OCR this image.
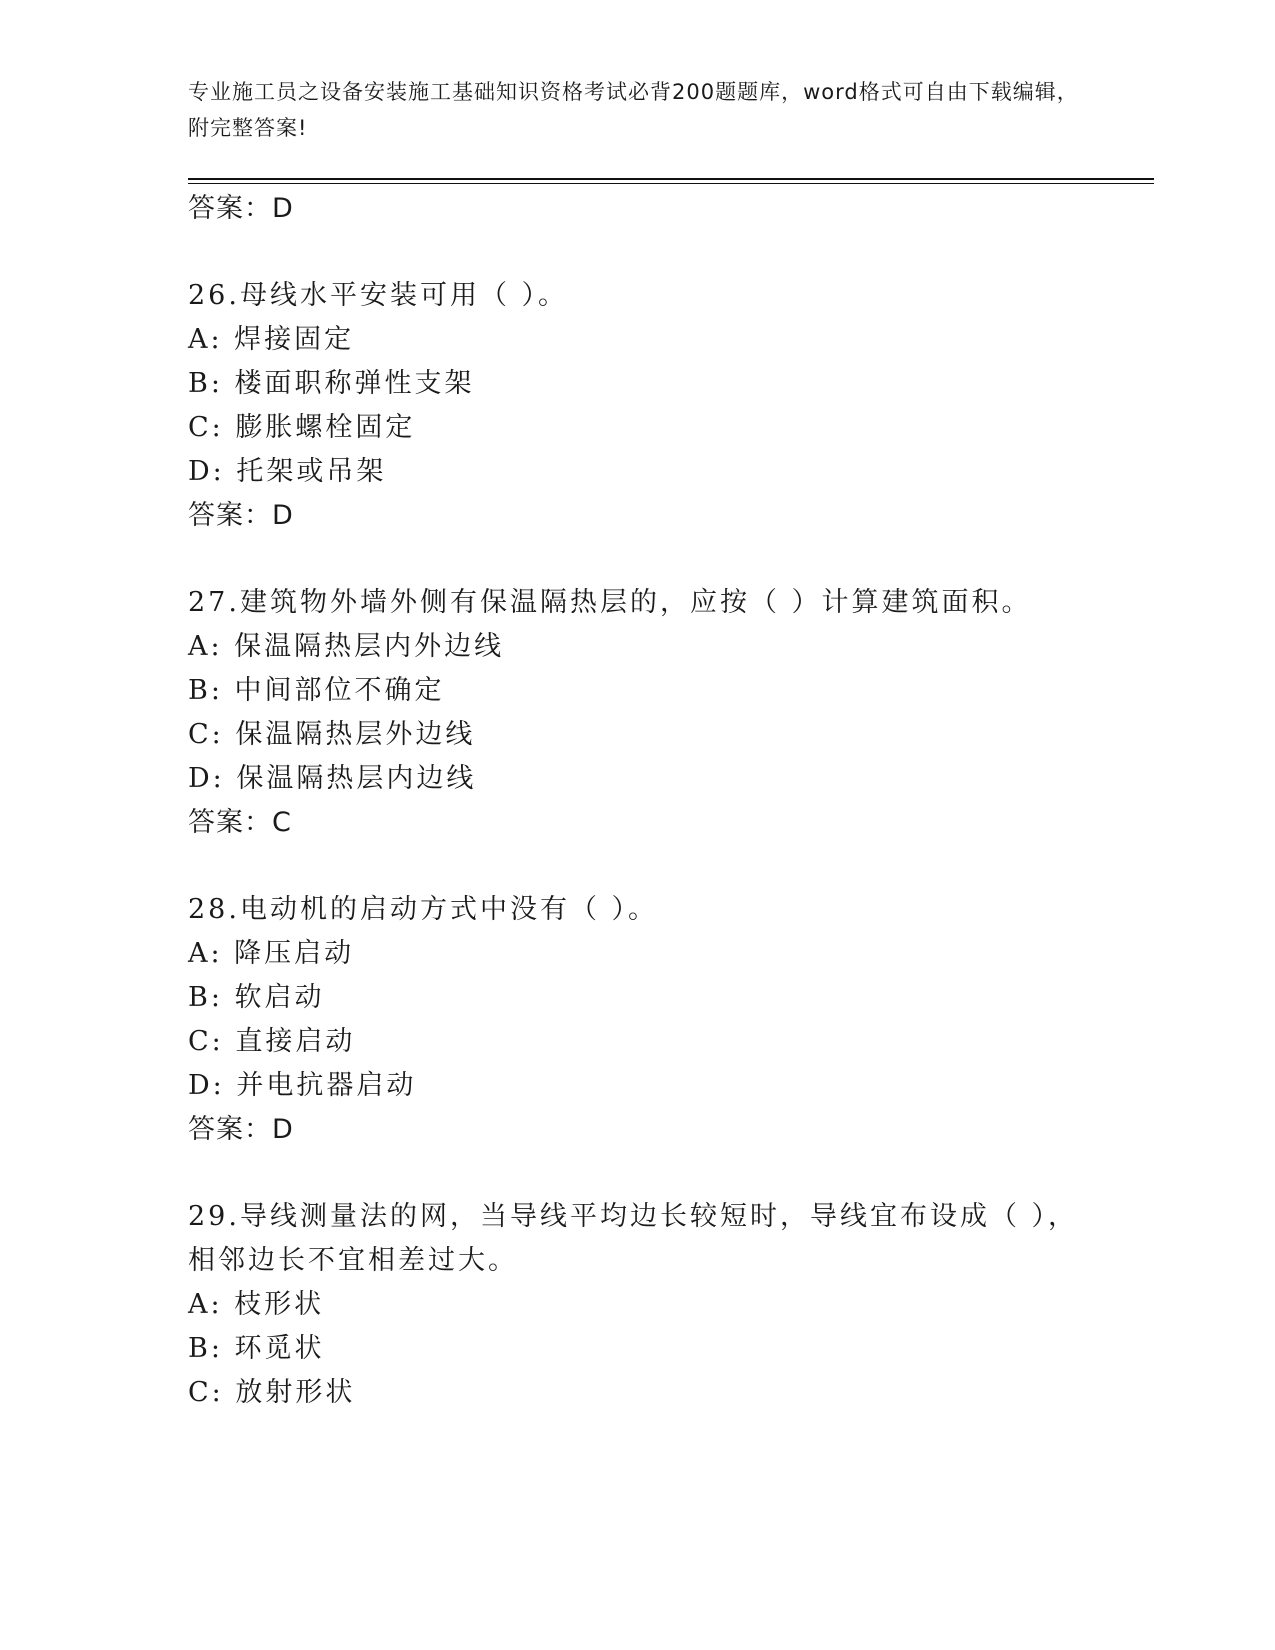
专业施工员之设备安装施工基础知识资格考试必背200题题库，word格式可自由下载编辑，附完整答案!
答案：D
26.母线水平安装可用（ ）。
A: 焊接固定
B: 楼面职称弹性支架
C: 膨胀螺栓固定
D: 托架或吊架
答案：D
27.建筑物外墙外侧有保温隔热层的，应按（ ）计算建筑面积。
A: 保温隔热层内外边线
B: 中间部位不确定
C: 保温隔热层外边线
D: 保温隔热层内边线
答案：C
28.电动机的启动方式中没有（ ）。
A: 降压启动
B: 软启动
C: 直接启动
D: 并电抗器启动
答案：D
29.导线测量法的网，当导线平均边长较短时，导线宜布设成（ ），
相邻边长不宜相差过大。
A: 枝形状
B: 环觅状
C: 放射形状
